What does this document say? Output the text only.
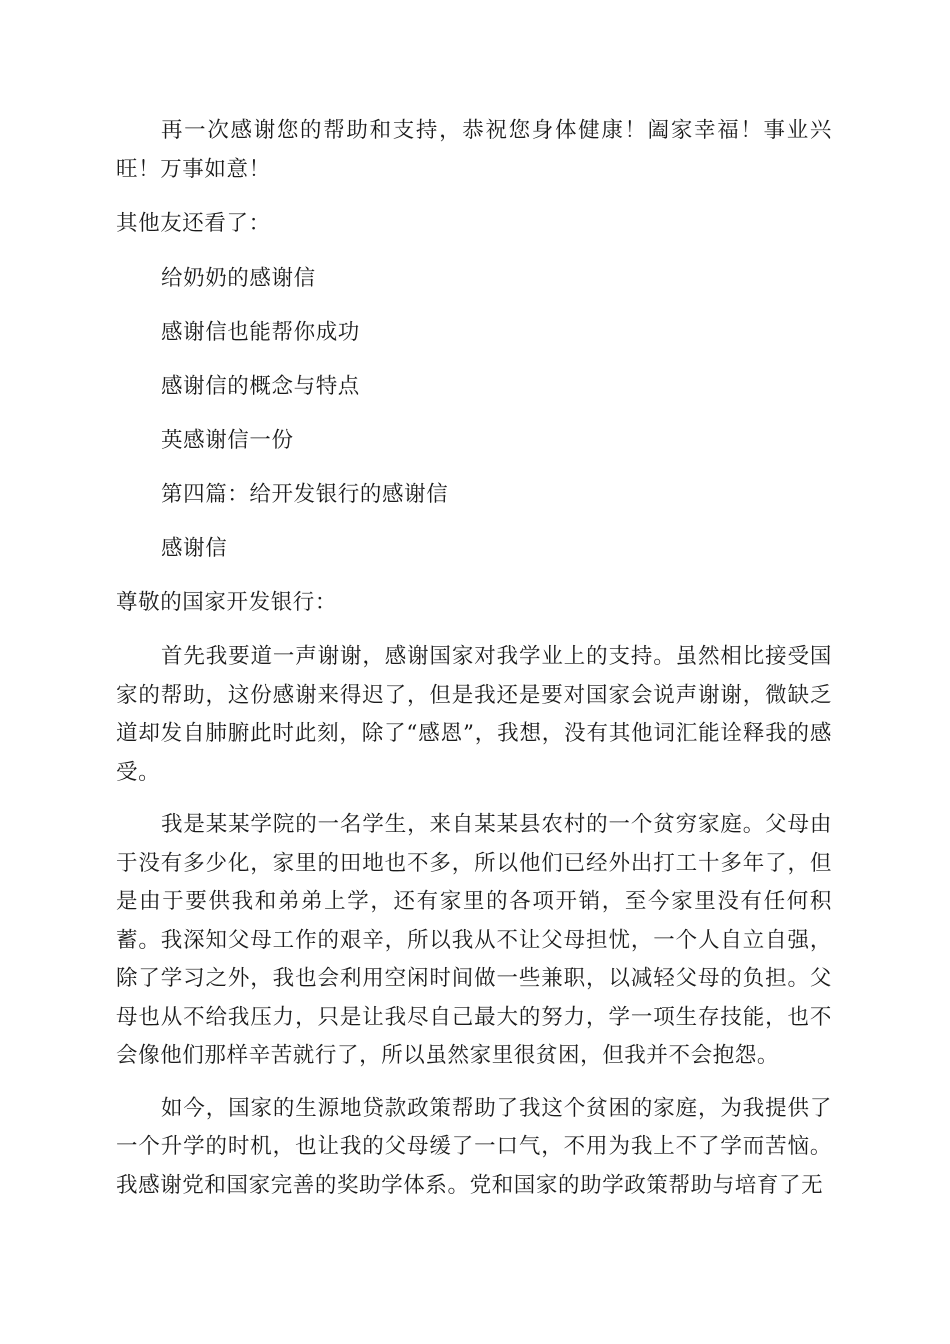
再一次感谢您的帮助和支持，恭祝您身体健康！阖家幸福！事业兴旺！万事如意！

其他友还看了：

给奶奶的感谢信

感谢信也能帮你成功

感谢信的概念与特点

英感谢信一份

第四篇：给开发银行的感谢信

感谢信

尊敬的国家开发银行：

首先我要道一声谢谢，感谢国家对我学业上的支持。虽然相比接受国家的帮助，这份感谢来得迟了，但是我还是要对国家会说声谢谢，微缺乏道却发自肺腑此时此刻，除了“感恩”，我想，没有其他词汇能诠释我的感受。

我是某某学院的一名学生，来自某某县农村的一个贫穷家庭。父母由于没有多少化，家里的田地也不多，所以他们已经外出打工十多年了，但是由于要供我和弟弟上学，还有家里的各项开销，至今家里没有任何积蓄。我深知父母工作的艰辛，所以我从不让父母担忧，一个人自立自强，除了学习之外，我也会利用空闲时间做一些兼职，以减轻父母的负担。父母也从不给我压力，只是让我尽自己最大的努力，学一项生存技能，也不会像他们那样辛苦就行了，所以虽然家里很贫困，但我并不会抱怨。

如今，国家的生源地贷款政策帮助了我这个贫困的家庭，为我提供了一个升学的时机，也让我的父母缓了一口气，不用为我上不了学而苦恼。我感谢党和国家完善的奖助学体系。党和国家的助学政策帮助与培育了无
